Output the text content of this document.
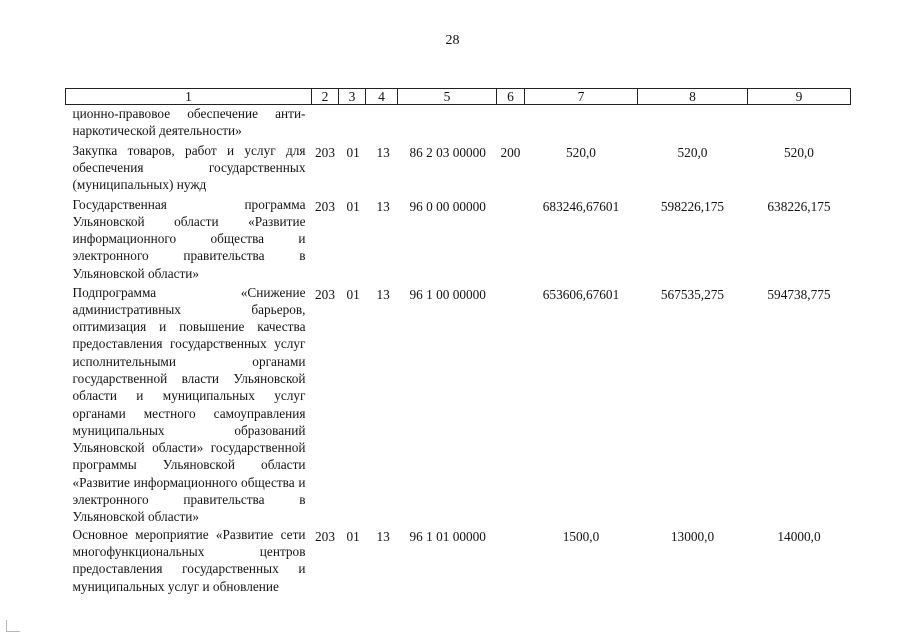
28
1	2	3	4	5	6	7	8	9
ционно-правовое обеспечение анти-наркотической деятельности»								
Закупка товаров, работ и услуг для обеспечения государственных (муниципальных) нужд	203	01	13	86 2 03 00000	200	520,0	520,0	520,0
Государственная программа Ульяновской области «Развитие информационного общества и электронного правительства в Ульяновской области»	203	01	13	96 0 00 00000		683246,67601	598226,175	638226,175
Подпрограмма «Снижение административных барьеров, оптимизация и повышение качества предоставления государственных услуг исполнительными органами государственной власти Ульяновской области и муниципальных услуг органами местного самоуправления муниципальных образований Ульяновской области» государственной программы Ульяновской области «Развитие информационного общества и электронного правительства в Ульяновской области»	203	01	13	96 1 00 00000		653606,67601	567535,275	594738,775
Основное мероприятие «Развитие сети многофункциональных центров предоставления государственных и муниципальных услуг и обновление	203	01	13	96 1 01 00000		1500,0	13000,0	14000,0
